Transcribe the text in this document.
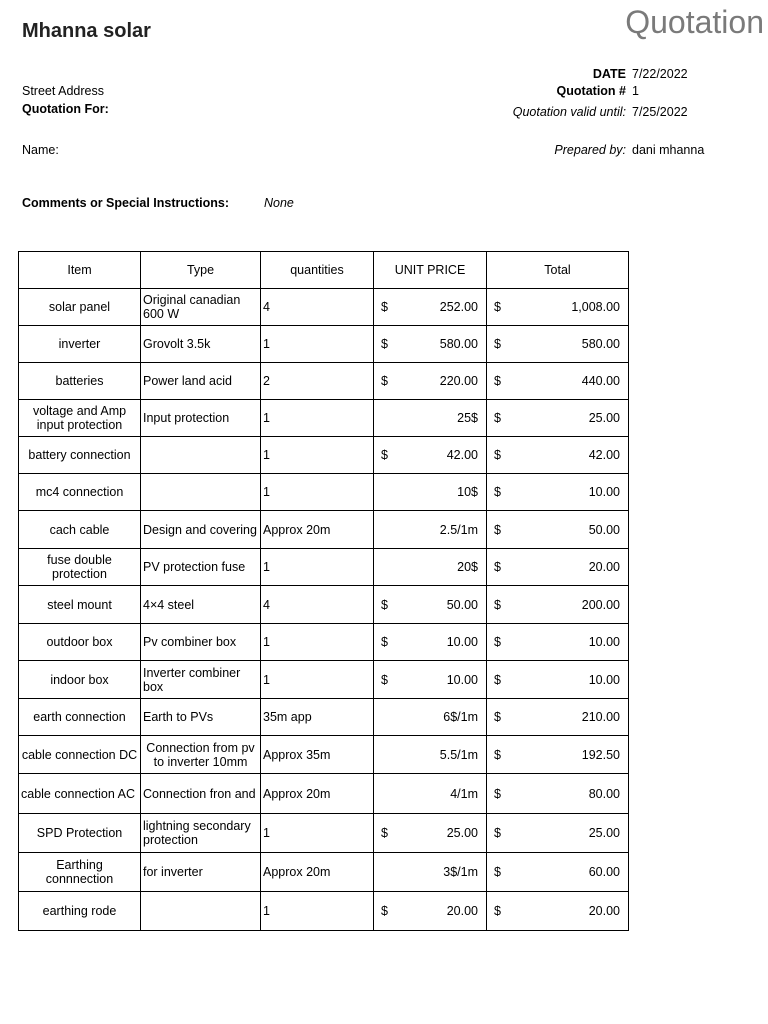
Mhanna solar	Quotation
Street Address
Quotation For:
Name:
DATE 7/22/2022
Quotation # 1
Quotation valid until: 7/25/2022
Prepared by: dani mhanna
Comments or Special Instructions:	None
Item	Type	quantities	UNIT PRICE	Total
solar panel	Original canadian 600 W	4	$ 252.00	$ 1,008.00

inverter	Grovolt 3.5k	1	$ 580.00	$ 580.00

batteries	Power land acid	2	$ 220.00	$ 440.00

voltage and Amp input protection	Input protection	1	25$	$ 25.00

battery connection		1	$ 42.00	$ 42.00

mc4 connection		1	10$	$ 10.00

cach cable	Design and covering	Approx 20m	2.5/1m	$ 50.00

fuse double protection	PV protection fuse	1	20$	$ 20.00

steel mount	4×4 steel	4	$ 50.00	$ 200.00

outdoor box	Pv combiner box	1	$ 10.00	$ 10.00

indoor box	Inverter combiner box	1	$ 10.00	$ 10.00

earth connection	Earth to PVs	35m app	6$/1m	$ 210.00

cable connection DC	Connection from pv to inverter 10mm	Approx 35m	5.5/1m	$ 192.50

cable connection AC	Connection fron and	Approx 20m	4/1m	$ 80.00

SPD Protection	lightning secondary protection	1	$ 25.00	$ 25.00

Earthing connnection	for inverter	Approx 20m	3$/1m	$ 60.00

earthing rode		1	$ 20.00	$ 20.00
